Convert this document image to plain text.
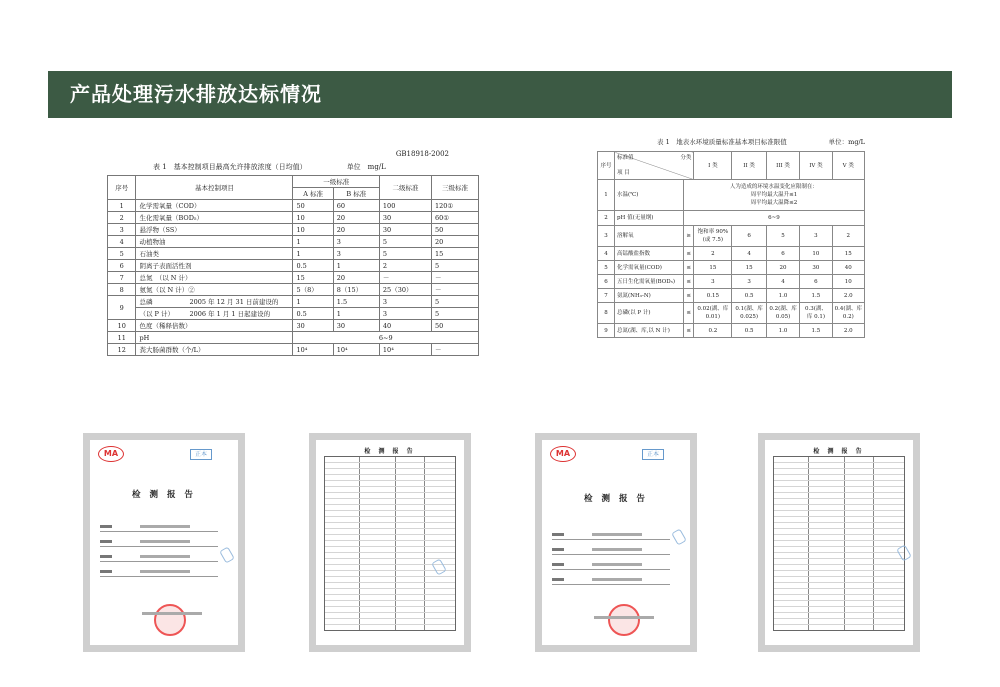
产品处理污水排放达标情况
GB18918-2002
表 1　基本控制项目最高允许排放浓度（日均值）	单位　mg/L
序号	基本控制项目	一级标准		二级标准	三级标准
		A 标准	B 标准		
1	化学需氧量（COD）	50	60	100	120①
2	生化需氧量（BOD₅）	10	20	30	60①
3	悬浮物（SS）	10	20	30	50
4	动植物油	1	3	5	20
5	石油类	1	3	5	15
6	阴离子表面活性剂	0.5	1	2	5
7	总氮　（以 N 计）	15	20	－	－
8	氨氮（以 N 计）②	5（8）	8（15）	25（30）	－
9	总磷 2005 年 12 月 31 日前建设的	1	1.5	3	5

	（以 P 计） 2006 年 1 月 1 日起建设的	0.5	1	3	5
10	色度（稀释倍数）	30	30	40	50
11	pH	6~9			
12	粪大肠菌群数（个/L）	10⁴	10⁴	10⁴	－
表 1　地表水环境质量标准基本项目标准限值	单位：mg/L
序号	标准值 分类
项 目		I 类	II 类	III 类	IV 类	V 类
1	水温(℃)	人为造成的环境水温变化应限制在：
周平均最大温升≤1
周平均最大温降≤2					

2	pH 值(无量纲)	6~9					

3	溶解氧	≥	饱和率 90%(或 7.5)	6	5	3	2
4	高锰酸盐指数	≤	2	4	6	10	15
5	化学需氧量(COD)	≤	15	15	20	30	40
6	五日生化需氧量(BOD₅)	≤	3	3	4	6	10
7	氨氮(NH₃-N)	≤	0.15	0.5	1.0	1.5	2.0
8	总磷(以 P 计)	≤	0.02(湖、库 0.01)	0.1(湖、库 0.025)	0.2(湖、库 0.05)	0.3(湖、库 0.1)	0.4(湖、库 0.2)
9	总氮(湖、库,以 N 计)	≤	0.2	0.5	1.0	1.5	2.0
MA	正本
检 测 报 告
检 测 报 告	MA	正本
检 测 报 告
检 测 报 告
